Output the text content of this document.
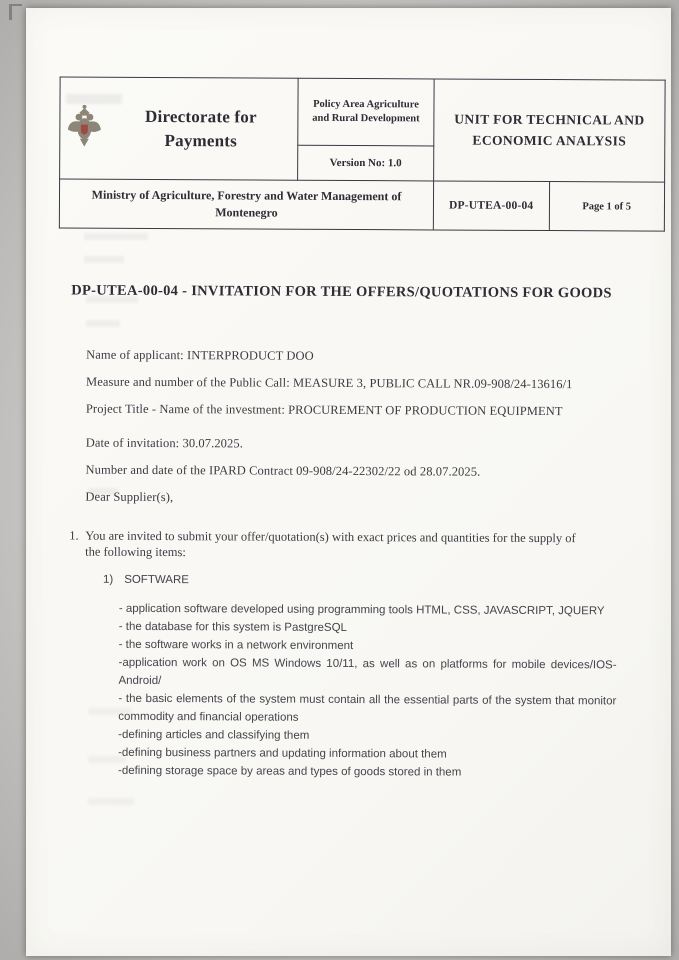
Directorate for Payments	Policy Area Agriculture and Rural Development	UNIT FOR TECHNICAL AND ECONOMIC ANALYSIS	
	Version No: 1.0		
Ministry of Agriculture, Forestry and Water Management of Montenegro		DP-UTEA-00-04	Page 1 of 5
DP-UTEA-00-04 - INVITATION FOR THE OFFERS/QUOTATIONS FOR GOODS

Name of applicant: INTERPRODUCT DOO

Measure and number of the Public Call: MEASURE 3, PUBLIC CALL NR.09-908/24-13616/1

Project Title - Name of the investment: PROCUREMENT OF PRODUCTION EQUIPMENT

Date of invitation: 30.07.2025.

Number and date of the IPARD Contract 09-908/24-22302/22 od 28.07.2025.

Dear Supplier(s),

1. You are invited to submit your offer/quotation(s) with exact prices and quantities for the supply of the following items:
1) SOFTWARE
- application software developed using programming tools HTML, CSS, JAVASCRIPT, JQUERY
- the database for this system is PastgreSQL
- the software works in a network environment
-application work on OS MS Windows 10/11, as well as on platforms for mobile devices/IOS-Android/
- the basic elements of the system must contain all the essential parts of the system that monitor commodity and financial operations
-defining articles and classifying them
-defining business partners and updating information about them
-defining storage space by areas and types of goods stored in them
